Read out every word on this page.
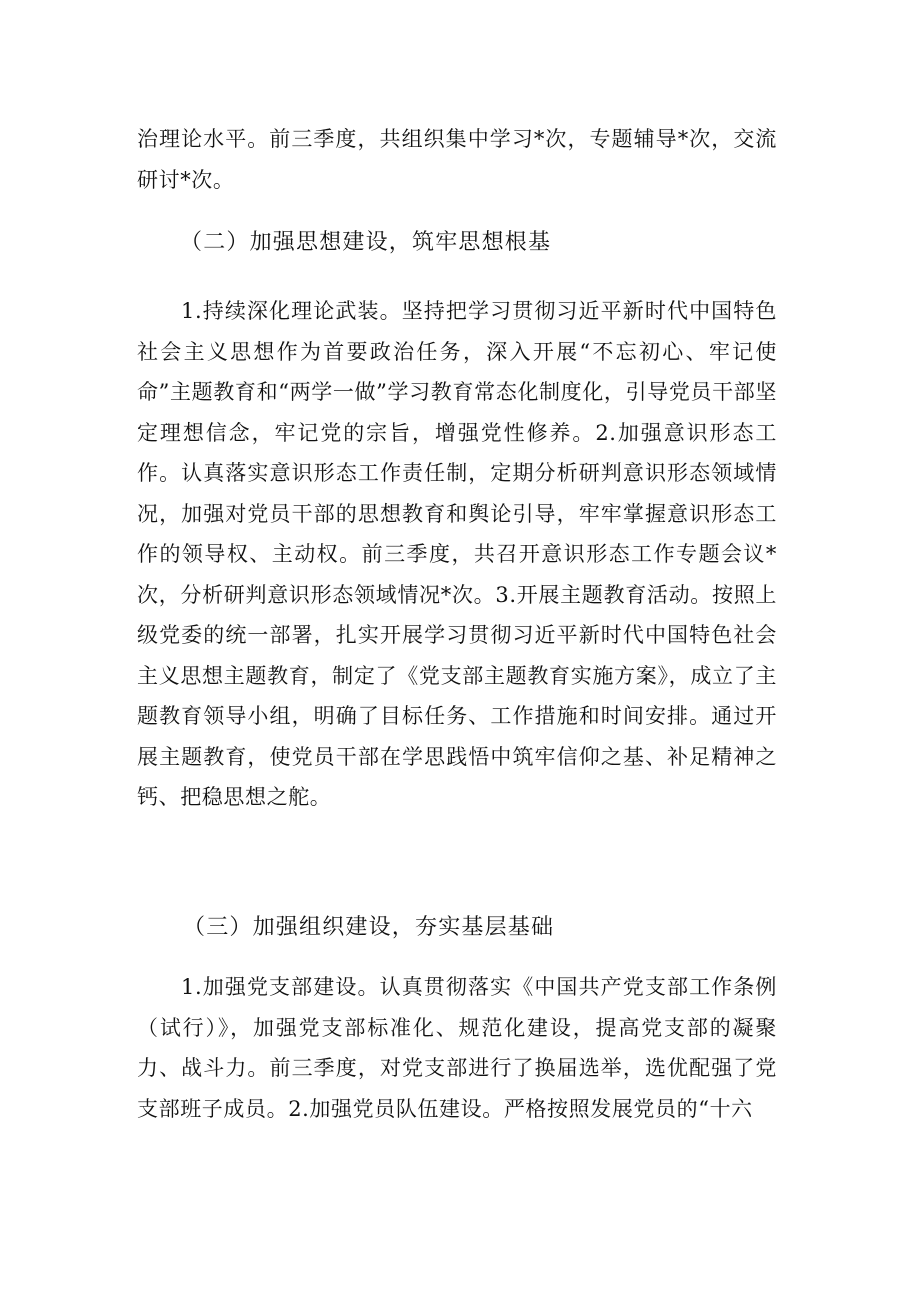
治理论水平。前三季度，共组织集中学习*次，专题辅导*次，交流研讨*次。

（二）加强思想建设，筑牢思想根基

1.持续深化理论武装。坚持把学习贯彻习近平新时代中国特色社会主义思想作为首要政治任务，深入开展“不忘初心、牢记使命”主题教育和“两学一做”学习教育常态化制度化，引导党员干部坚定理想信念，牢记党的宗旨，增强党性修养。2.加强意识形态工作。认真落实意识形态工作责任制，定期分析研判意识形态领域情况，加强对党员干部的思想教育和舆论引导，牢牢掌握意识形态工作的领导权、主动权。前三季度，共召开意识形态工作专题会议*次，分析研判意识形态领域情况*次。3.开展主题教育活动。按照上级党委的统一部署，扎实开展学习贯彻习近平新时代中国特色社会主义思想主题教育，制定了《党支部主题教育实施方案》，成立了主题教育领导小组，明确了目标任务、工作措施和时间安排。通过开展主题教育，使党员干部在学思践悟中筑牢信仰之基、补足精神之钙、把稳思想之舵。

（三）加强组织建设，夯实基层基础

1.加强党支部建设。认真贯彻落实《中国共产党支部工作条例（试行）》，加强党支部标准化、规范化建设，提高党支部的凝聚力、战斗力。前三季度，对党支部进行了换届选举，选优配强了党支部班子成员。2.加强党员队伍建设。严格按照发展党员的“十六
